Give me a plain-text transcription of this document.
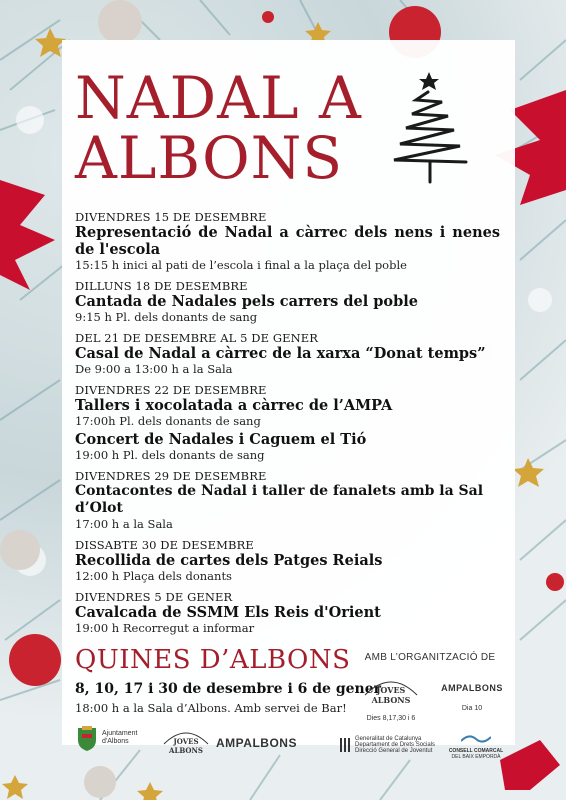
NADAL A
ALBONS
DIVENDRES 15 DE DESEMBRE
Representació de Nadal a càrrec dels nens i nenes de l'escola
15:15 h inici al pati de l’escola i final a la plaça del poble
DILLUNS 18 DE DESEMBRE
Cantada de Nadales pels carrers del poble
9:15 h Pl. dels donants de sang
DEL 21 DE DESEMBRE AL 5 DE GENER
Casal de Nadal a càrrec de la xarxa “Donat temps”
De 9:00 a 13:00 h a la Sala
DIVENDRES 22 DE DESEMBRE
Tallers i xocolatada a càrrec de l’AMPA
17:00h Pl. dels donants de sang
Concert de Nadales i Caguem el Tió
19:00 h Pl. dels donants de sang
DIVENDRES 29 DE DESEMBRE
Contacontes de Nadal i taller de fanalets amb la Sal d’Olot
17:00 h a la Sala
DISSABTE 30 DE DESEMBRE
Recollida de cartes dels Patges Reials
12:00 h Plaça dels donants
DIVENDRES 5 DE GENER
Cavalcada de SSMM Els Reis d'Orient
19:00 h Recorregut a informar
QUINES D’ALBONS
8, 10, 17 i 30 de desembre i 6 de gener
18:00 h a la Sala d’Albons. Amb servei de Bar!
AMB L’ORGANITZACIÓ DE
JOVES ALBONS
Dies 8,17,30 i 6
AMPALBONS
Dia 10
Ajuntament
d'Albons	JOVES ALBONS
AMPALBONS	Generalitat de Catalunya
Departament de Drets Socials
Direcció General de Joventut	CONSELL COMARCAL
DEL BAIX EMPORDÀ
